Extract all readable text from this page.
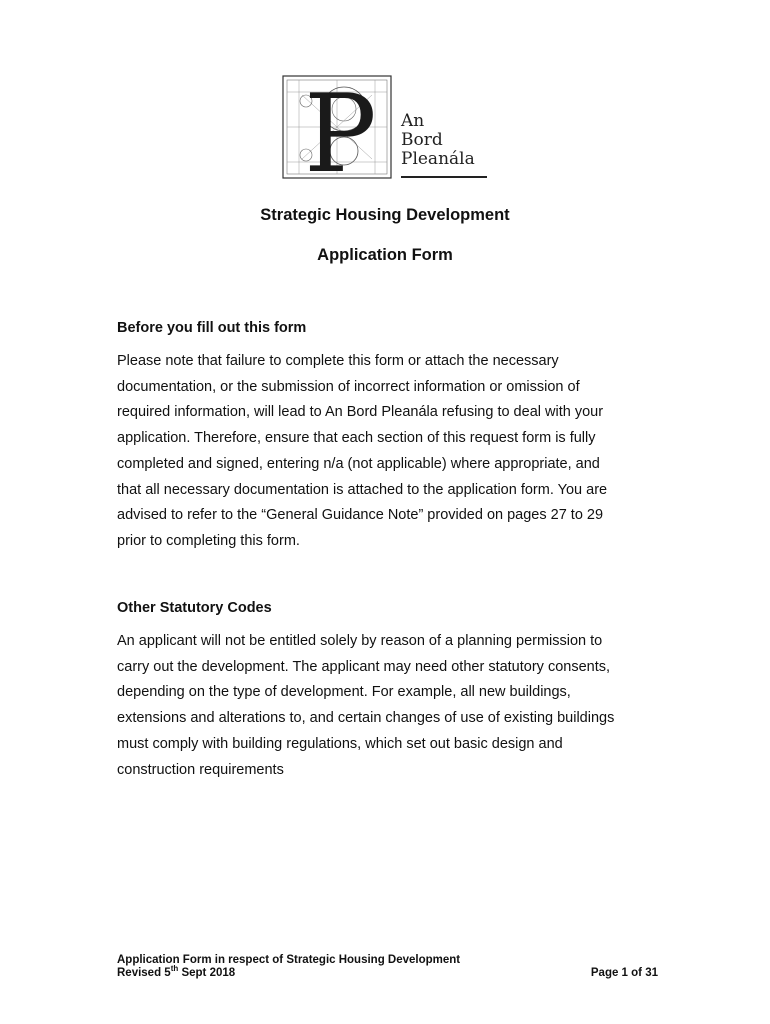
P An
Bord
Pleanála
Strategic Housing Development
Application Form
Before you fill out this form

Please note that failure to complete this form or attach the necessary
documentation, or the submission of incorrect information or omission of
required information, will lead to An Bord Pleanála refusing to deal with your
application. Therefore, ensure that each section of this request form is fully
completed and signed, entering n/a (not applicable) where appropriate, and
that all necessary documentation is attached to the application form. You are
advised to refer to the “General Guidance Note” provided on pages 27 to 29
prior to completing this form.

Other Statutory Codes

An applicant will not be entitled solely by reason of a planning permission to
carry out the development. The applicant may need other statutory consents,
depending on the type of development. For example, all new buildings,
extensions and alterations to, and certain changes of use of existing buildings
must comply with building regulations, which set out basic design and
construction requirements

Application Form in respect of Strategic Housing Development
Revised 5th Sept 2018	Page 1 of 31
